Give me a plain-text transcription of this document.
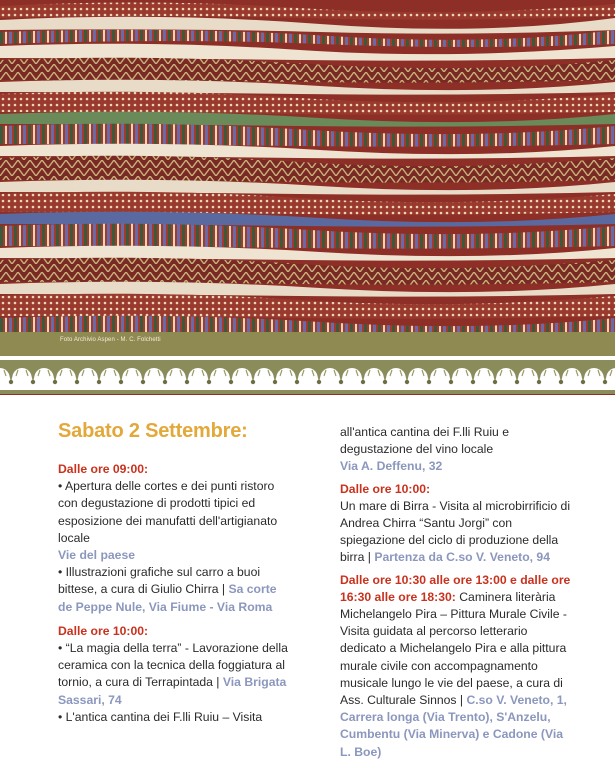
Foto Archivio Aspen - M. C. Folchetti
Sabato 2 Settembre:
Dalle ore 09:00:

• Apertura delle cortes e dei punti ristoro con degustazione di prodotti tipici ed esposizione dei manufatti dell'artigianato locale
Vie del paese

• Illustrazioni grafiche sul carro a buoi bittese, a cura di Giulio Chirra | Sa corte de Peppe Nule, Via Fiume - Via Roma

Dalle ore 10:00:

• “La magia della terra” - Lavorazione della ceramica con la tecnica della foggiatura al tornio, a cura di Terrapintada | Via Brigata Sassari, 74

• L'antica cantina dei F.lli Ruiu – Visita

all'antica cantina dei F.lli Ruiu e degustazione del vino locale
Via A. Deffenu, 32

Dalle ore 10:00:

Un mare di Birra - Visita al microbirrificio di Andrea Chirra “Santu Jorgi” con spiegazione del ciclo di produzione della birra | Partenza da C.so V. Veneto, 94

Dalle ore 10:30 alle ore 13:00 e dalle ore 16:30 alle ore 18:30: Caminera literària Michelangelo Pira – Pittura Murale Civile - Visita guidata al percorso letterario dedicato a Michelangelo Pira e alla pittura murale civile con accompagnamento musicale lungo le vie del paese, a cura di Ass. Culturale Sinnos | C.so V. Veneto, 1, Carrera longa (Via Trento), S'Anzelu, Cumbentu (Via Minerva) e Cadone (Via L. Boe)
